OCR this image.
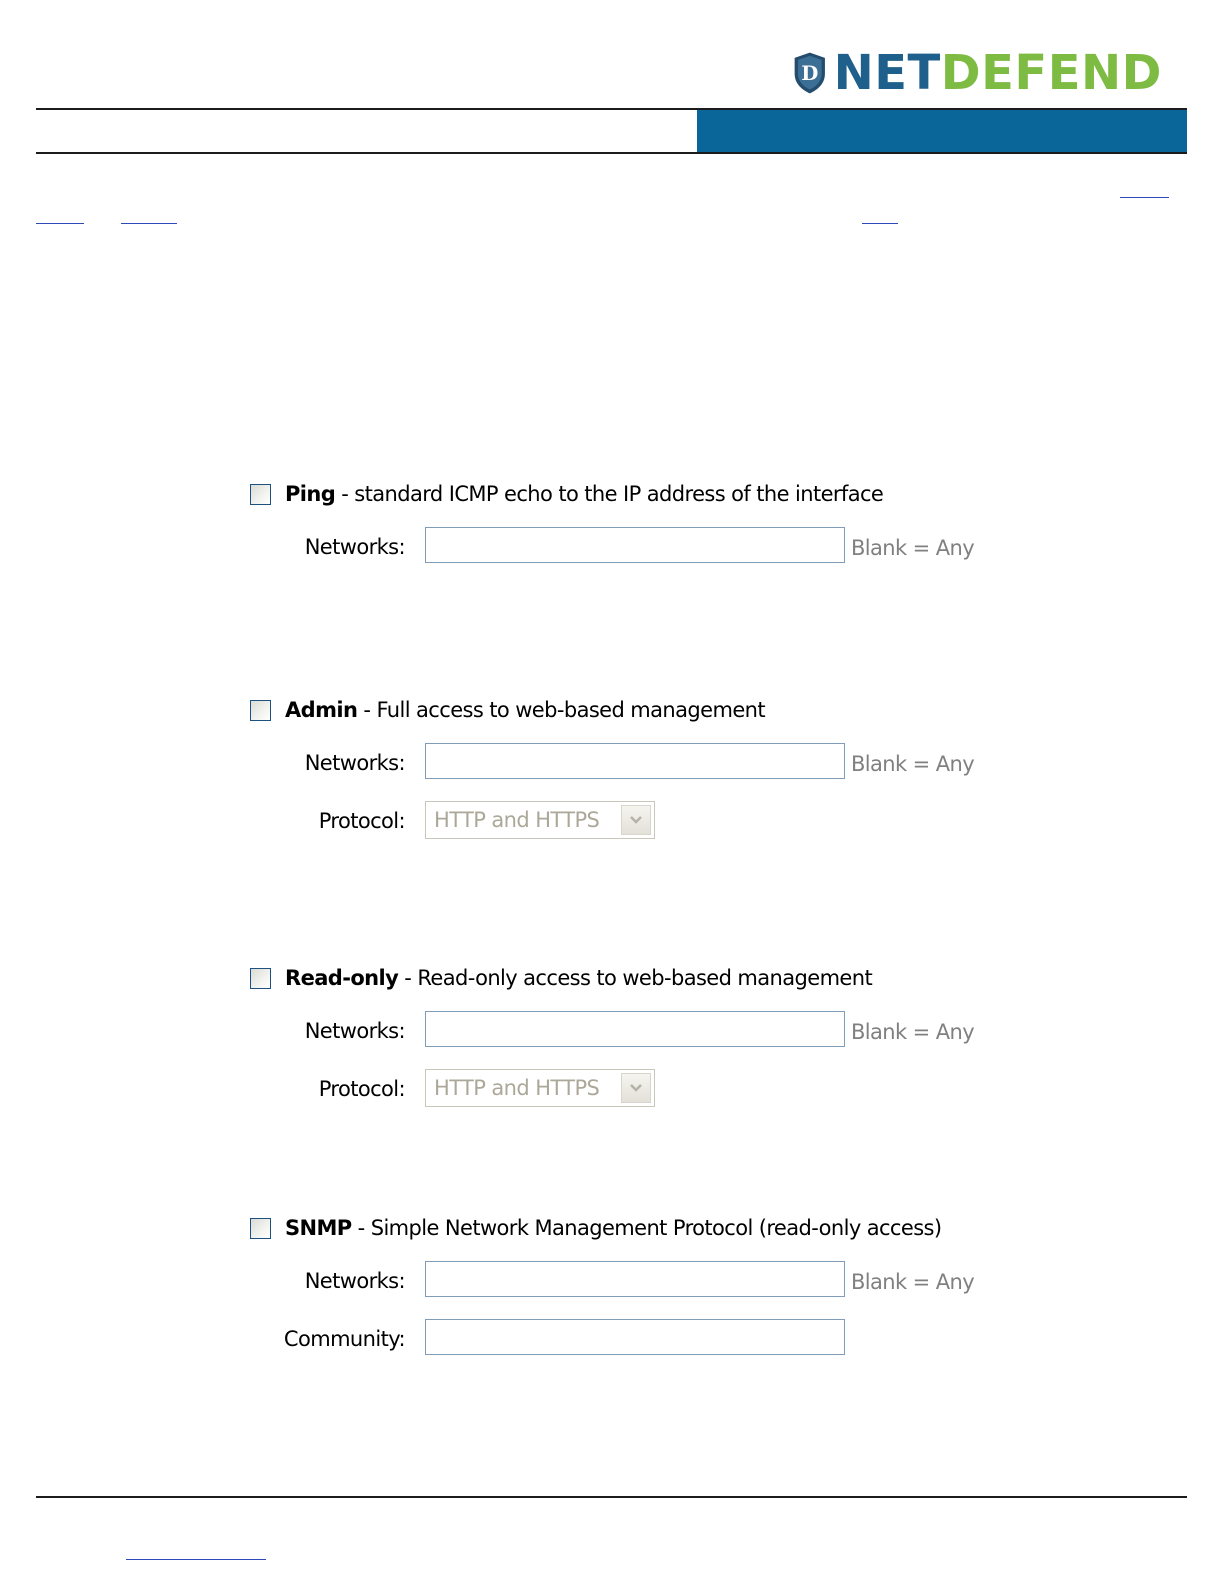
D NETDEFEND
Ping - standard ICMP echo to the IP address of the interface
Networks:	Blank = Any
Admin - Full access to web-based management
Networks:	Blank = Any
Protocol:	HTTP and HTTPS
Read-only - Read-only access to web-based management
Networks:	Blank = Any
Protocol:	HTTP and HTTPS
SNMP - Simple Network Management Protocol (read-only access)
Networks:	Blank = Any
Community:
